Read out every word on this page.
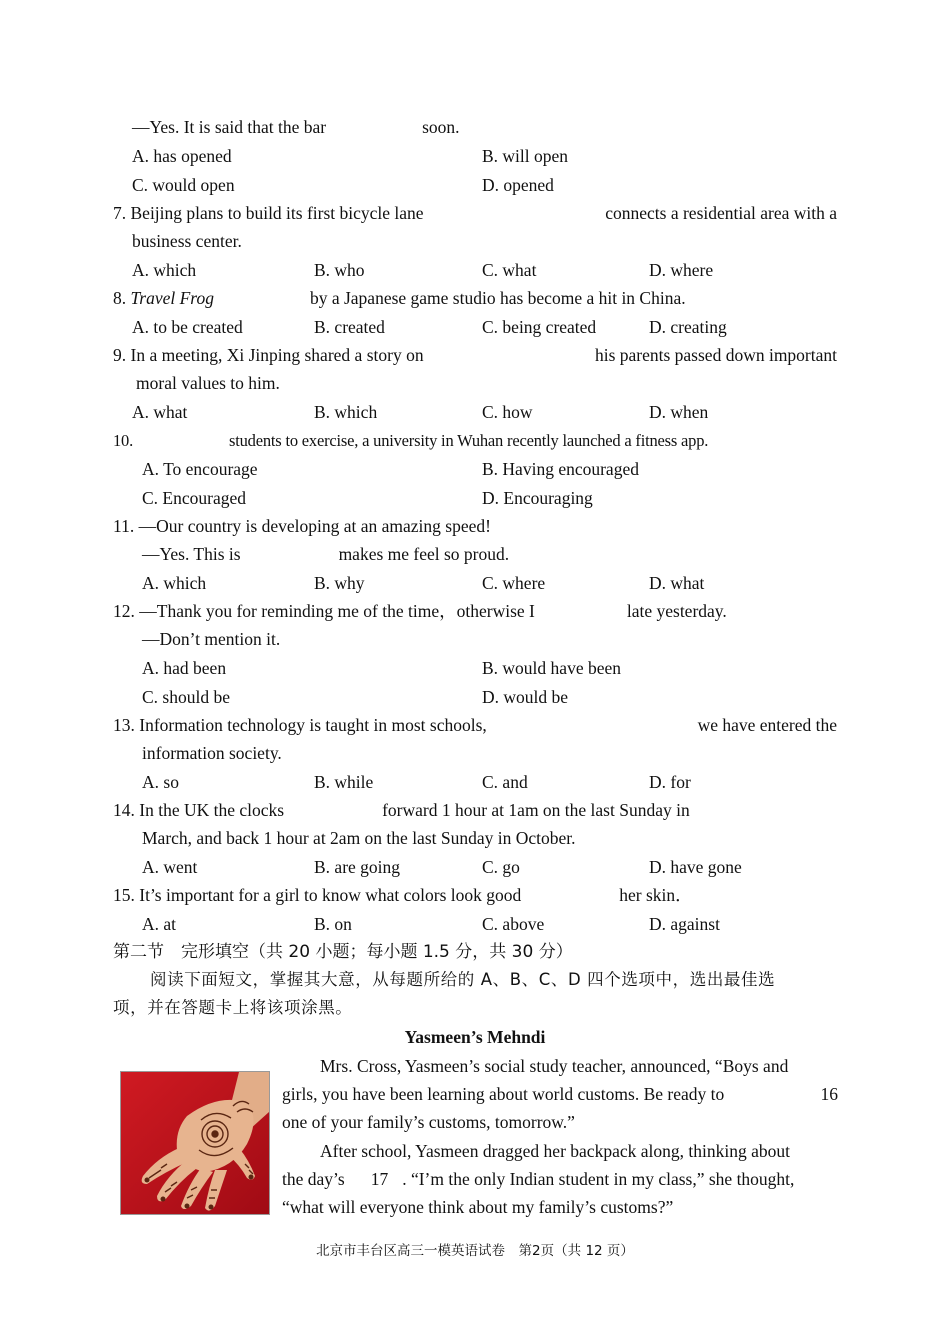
—Yes. It is said that the bar	soon.
A. has opened	B. will open
C. would open	D. opened
7. Beijing plans to build its first bicycle lane	connects a residential area with a
business center.
A. which	B. who	C. what	D. where
8. Travel Frog	by a Japanese game studio has become a hit in China.
A. to be created	B. created	C. being created	D. creating
9. In a meeting, Xi Jinping shared a story on	his parents passed down important
moral values to him.
A. what	B. which	C. how	D. when
10.	students to exercise, a university in Wuhan recently launched a fitness app.
A. To encourage	B. Having encouraged
C. Encouraged	D. Encouraging
11. —Our country is developing at an amazing speed!
—Yes. This is	makes me feel so proud.
A. which	B. why	C. where	D. what
12. —Thank you for reminding me of the time，otherwise I	late yesterday.
—Don’t mention it.
A. had been	B. would have been
C. should be	D. would be
13. Information technology is taught in most schools,	we have entered the
information society.
A. so	B. while	C. and	D. for
14. In the UK the clocks	forward 1 hour at 1am on the last Sunday in
March, and back 1 hour at 2am on the last Sunday in October.
A. went	B. are going	C. go	D. have gone
15. It’s important for a girl to know what colors look good	her skin．
A. at	B. on	C. above	D. against
第二节　完形填空（共 20 小题；每小题 1.5 分，共 30 分）
阅读下面短文，掌握其大意，从每题所给的 A、B、C、D 四个选项中，选出最佳选
项，并在答题卡上将该项涂黑。
Yasmeen’s Mehndi
Mrs. Cross, Yasmeen’s social study teacher, announced, “Boys and
girls, you have been learning about world customs. Be ready to	16
one of your family’s customs, tomorrow.”
After school, Yasmeen dragged her backpack along, thinking about
the day’s 17 . “I’m the only Indian student in my class,” she thought,
“what will everyone think about my family’s customs?”
北京市丰台区高三一模英语试卷　第2页（共 12 页）
